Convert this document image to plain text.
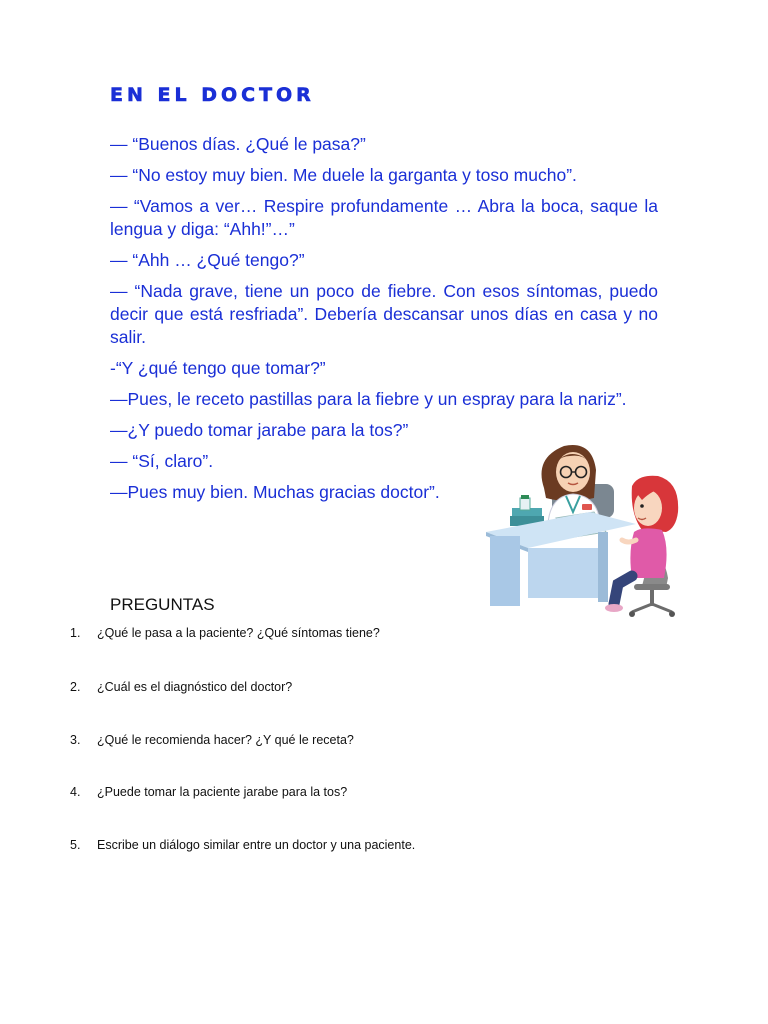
EN EL DOCTOR
— “Buenos días. ¿Qué le pasa?”
— “No estoy muy bien. Me duele la garganta y toso mucho”.
— “Vamos a ver… Respire profundamente … Abra la boca, saque la lengua y diga: “Ahh!”…”
— “Ahh … ¿Qué tengo?”
— “Nada grave, tiene un poco de fiebre. Con esos síntomas, puedo decir que está resfriada”. Debería descansar unos días en casa y no salir.
-“Y ¿qué tengo que tomar?”
—Pues, le receto pastillas para la fiebre y un espray para la nariz”.
—¿Y puedo tomar jarabe para la tos?”
— “Sí, claro”.
—Pues muy bien. Muchas gracias doctor”.
PREGUNTAS
1. ¿Qué le pasa a la paciente? ¿Qué síntomas tiene?
2. ¿Cuál es el diagnóstico del doctor?
3. ¿Qué le recomienda hacer? ¿Y qué le receta?
4. ¿Puede tomar la paciente jarabe para la tos?
5. Escribe un diálogo similar entre un doctor y una paciente.
